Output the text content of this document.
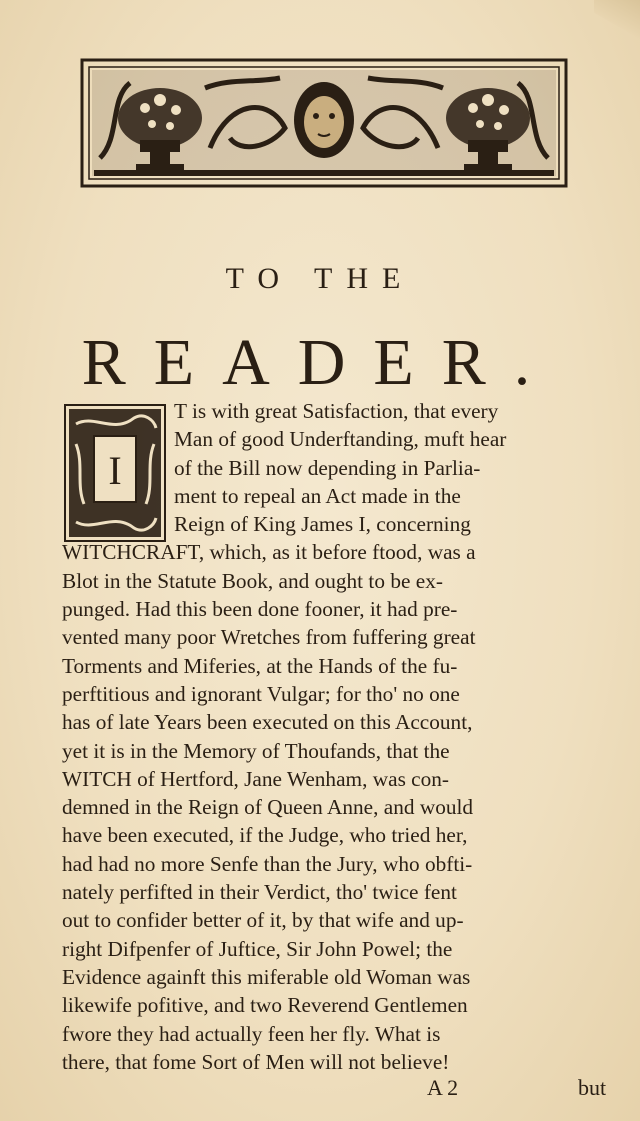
TO THE
READER.
I
T is with great Satisfaction, that every
Man of good Underftanding, muft hear
of the Bill now depending in Parlia-
ment to repeal an Act made in the
Reign of King James I, concerning
WITCHCRAFT, which, as it before ftood, was a
Blot in the Statute Book, and ought to be ex-
punged. Had this been done fooner, it had pre-
vented many poor Wretches from fuffering great
Torments and Miferies, at the Hands of the fu-
perftitious and ignorant Vulgar; for tho' no one
has of late Years been executed on this Account,
yet it is in the Memory of Thoufands, that the
WITCH of Hertford, Jane Wenham, was con-
demned in the Reign of Queen Anne, and would
have been executed, if the Judge, who tried her,
had had no more Senfe than the Jury, who obfti-
nately perfifted in their Verdict, tho' twice fent
out to confider better of it, by that wife and up-
right Difpenfer of Juftice, Sir John Powel; the
Evidence againft this miferable old Woman was
likewife pofitive, and two Reverend Gentlemen
fwore they had actually feen her fly. What is
there, that fome Sort of Men will not believe!
A 2	but
